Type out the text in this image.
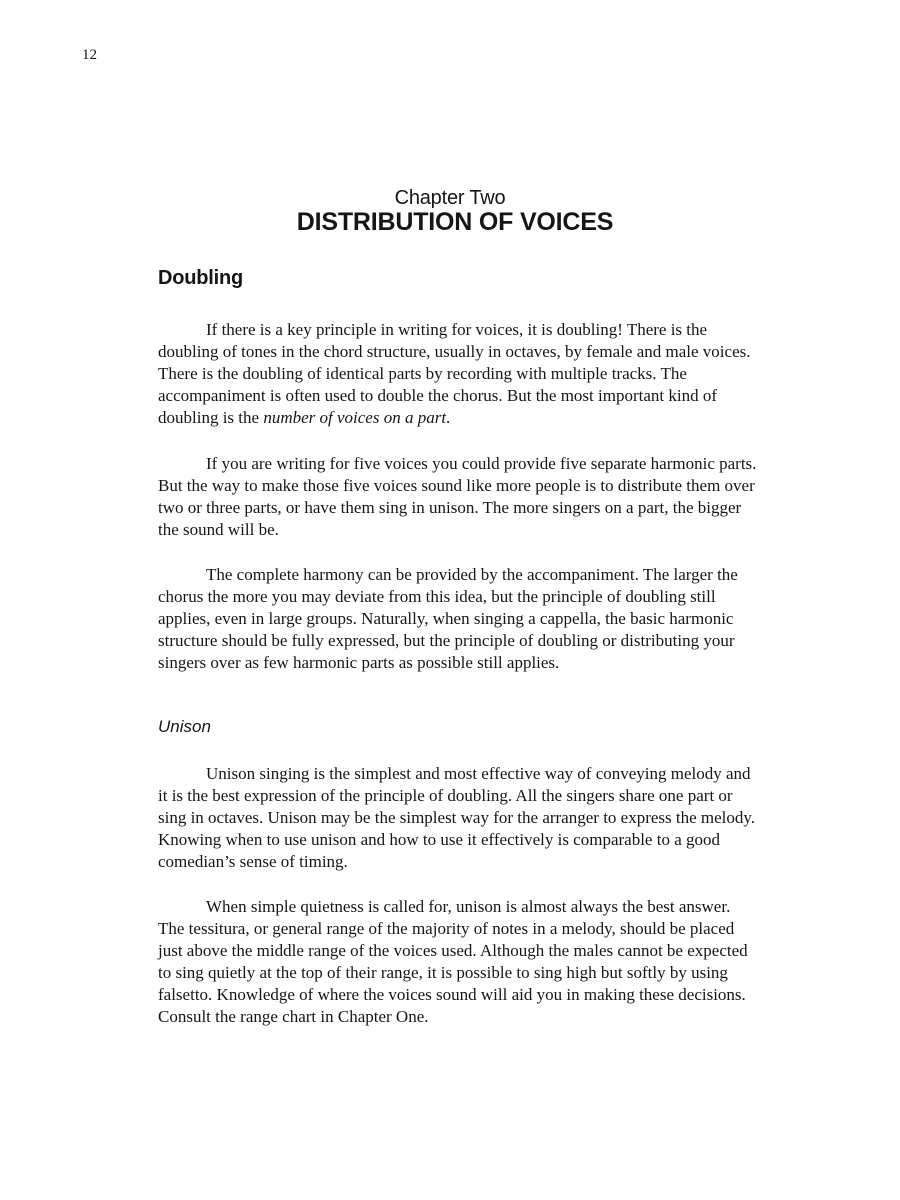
12
Chapter Two
DISTRIBUTION OF VOICES
Doubling

If there is a key principle in writing for voices, it is doubling! There is the doubling of tones in the chord structure, usually in octaves, by female and male voices. There is the doubling of identical parts by recording with multiple tracks. The accompaniment is often used to double the chorus. But the most important kind of doubling is the number of voices on a part.

If you are writing for five voices you could provide five separate harmonic parts. But the way to make those five voices sound like more people is to distribute them over two or three parts, or have them sing in unison. The more singers on a part, the bigger the sound will be.

The complete harmony can be provided by the accompaniment. The larger the chorus the more you may deviate from this idea, but the principle of doubling still applies, even in large groups. Naturally, when singing a cappella, the basic harmonic structure should be fully expressed, but the principle of doubling or distributing your singers over as few harmonic parts as possible still applies.

Unison

Unison singing is the simplest and most effective way of conveying melody and it is the best expression of the principle of doubling. All the singers share one part or sing in octaves. Unison may be the simplest way for the arranger to express the melody. Knowing when to use unison and how to use it effectively is comparable to a good comedian’s sense of timing.

When simple quietness is called for, unison is almost always the best answer. The tessitura, or general range of the majority of notes in a melody, should be placed just above the middle range of the voices used. Although the males cannot be expected to sing quietly at the top of their range, it is possible to sing high but softly by using falsetto. Knowledge of where the voices sound will aid you in making these decisions. Consult the range chart in Chapter One.
